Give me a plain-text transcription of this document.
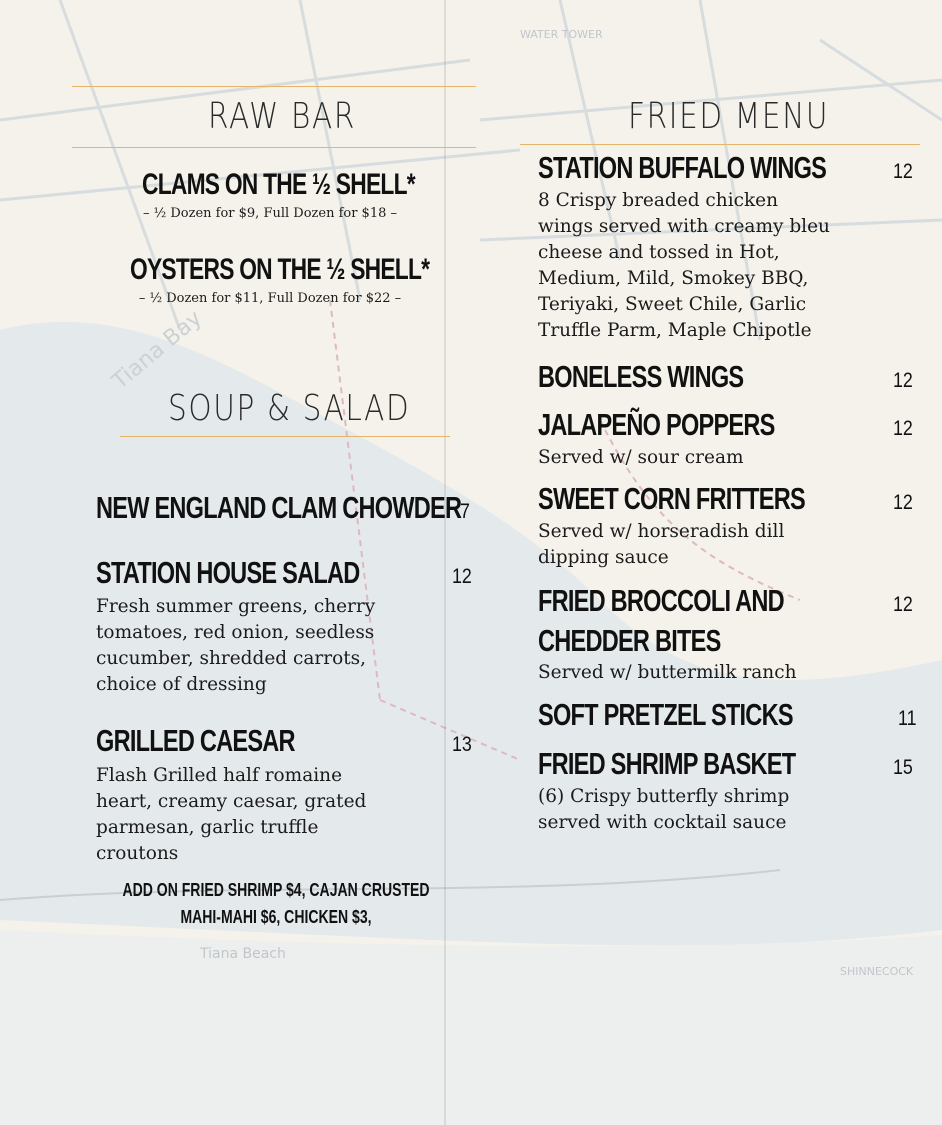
Tiana Beach
WATER TOWER
Tiana Bay
SHINNECOCK
RAW BAR
CLAMS ON THE ½ SHELL*
– ½ Dozen for $9, Full Dozen for $18 –
OYSTERS ON THE ½ SHELL*
– ½ Dozen for $11, Full Dozen for $22 –
SOUP & SALAD
NEW ENGLAND CLAM CHOWDER
7
STATION HOUSE SALAD	12
Fresh summer greens, cherry
tomatoes, red onion, seedless
cucumber, shredded carrots,
choice of dressing
GRILLED CAESAR	13
Flash Grilled half romaine
heart, creamy caesar, grated
parmesan, garlic truffle
croutons
ADD ON FRIED SHRIMP $4, CAJAN CRUSTED
MAHI-MAHI $6, CHICKEN $3,
FRIED MENU
STATION BUFFALO WINGS	12
8 Crispy breaded chicken
wings served with creamy bleu
cheese and tossed in Hot,
Medium, Mild, Smokey BBQ,
Teriyaki, Sweet Chile, Garlic
Truffle Parm, Maple Chipotle
BONELESS WINGS	12
JALAPEÑO POPPERS	12
Served w/ sour cream
SWEET CORN FRITTERS	12
Served w/ horseradish dill
dipping sauce
FRIED BROCCOLI AND	12
CHEDDER BITES
Served w/ buttermilk ranch
SOFT PRETZEL STICKS	11
FRIED SHRIMP BASKET	15
(6) Crispy butterfly shrimp
served with cocktail sauce
